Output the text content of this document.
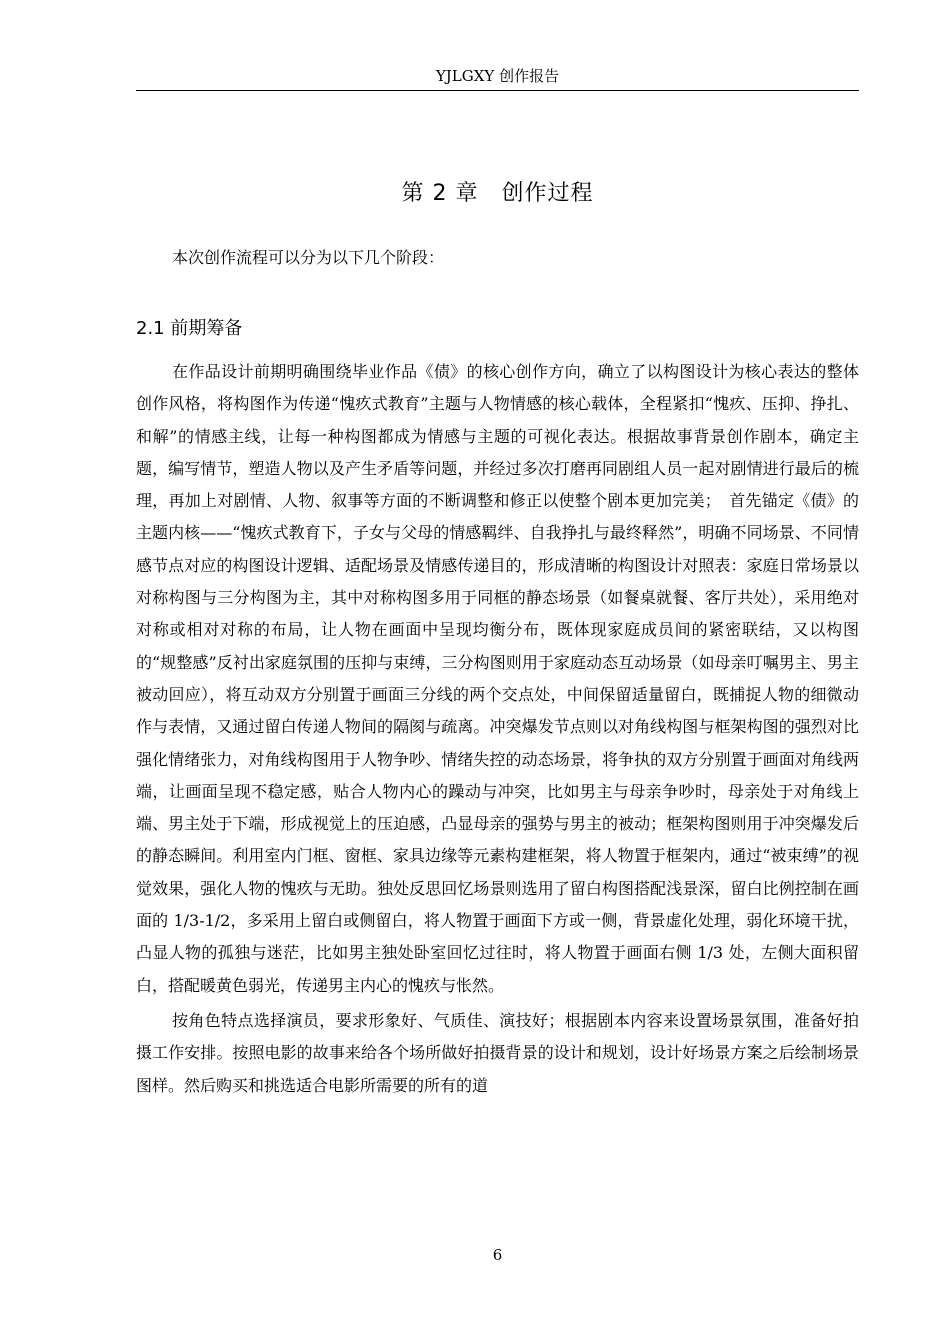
YJLGXY 创作报告
第 2 章　创作过程

本次创作流程可以分为以下几个阶段：

2.1 前期筹备

在作品设计前期明确围绕毕业作品《债》的核心创作方向，确立了以构图设计为核心表达的整体创作风格，将构图作为传递“愧疚式教育”主题与人物情感的核心载体，全程紧扣“愧疚、压抑、挣扎、和解”的情感主线，让每一种构图都成为情感与主题的可视化表达。根据故事背景创作剧本，确定主题，编写情节，塑造人物以及产生矛盾等问题，并经过多次打磨再同剧组人员一起对剧情进行最后的梳理，再加上对剧情、人物、叙事等方面的不断调整和修正以使整个剧本更加完美；　首先锚定《债》的主题内核——“愧疚式教育下，子女与父母的情感羁绊、自我挣扎与最终释然”，明确不同场景、不同情感节点对应的构图设计逻辑、适配场景及情感传递目的，形成清晰的构图设计对照表：家庭日常场景以对称构图与三分构图为主，其中对称构图多用于同框的静态场景（如餐桌就餐、客厅共处），采用绝对对称或相对对称的布局，让人物在画面中呈现均衡分布，既体现家庭成员间的紧密联结，又以构图的“规整感”反衬出家庭氛围的压抑与束缚，三分构图则用于家庭动态互动场景（如母亲叮嘱男主、男主被动回应），将互动双方分别置于画面三分线的两个交点处，中间保留适量留白，既捕捉人物的细微动作与表情，又通过留白传递人物间的隔阂与疏离。冲突爆发节点则以对角线构图与框架构图的强烈对比强化情绪张力，对角线构图用于人物争吵、情绪失控的动态场景，将争执的双方分别置于画面对角线两端，让画面呈现不稳定感，贴合人物内心的躁动与冲突，比如男主与母亲争吵时，母亲处于对角线上端、男主处于下端，形成视觉上的压迫感，凸显母亲的强势与男主的被动；框架构图则用于冲突爆发后的静态瞬间。利用室内门框、窗框、家具边缘等元素构建框架，将人物置于框架内，通过“被束缚”的视觉效果，强化人物的愧疚与无助。独处反思回忆场景则选用了留白构图搭配浅景深，留白比例控制在画面的 1/3-1/2，多采用上留白或侧留白，将人物置于画面下方或一侧，背景虚化处理，弱化环境干扰，凸显人物的孤独与迷茫，比如男主独处卧室回忆过往时，将人物置于画面右侧 1/3 处，左侧大面积留白，搭配暖黄色弱光，传递男主内心的愧疚与怅然。

按角色特点选择演员，要求形象好、气质佳、演技好；根据剧本内容来设置场景氛围，准备好拍摄工作安排。按照电影的故事来给各个场所做好拍摄背景的设计和规划，设计好场景方案之后绘制场景图样。然后购买和挑选适合电影所需要的所有的道

6
